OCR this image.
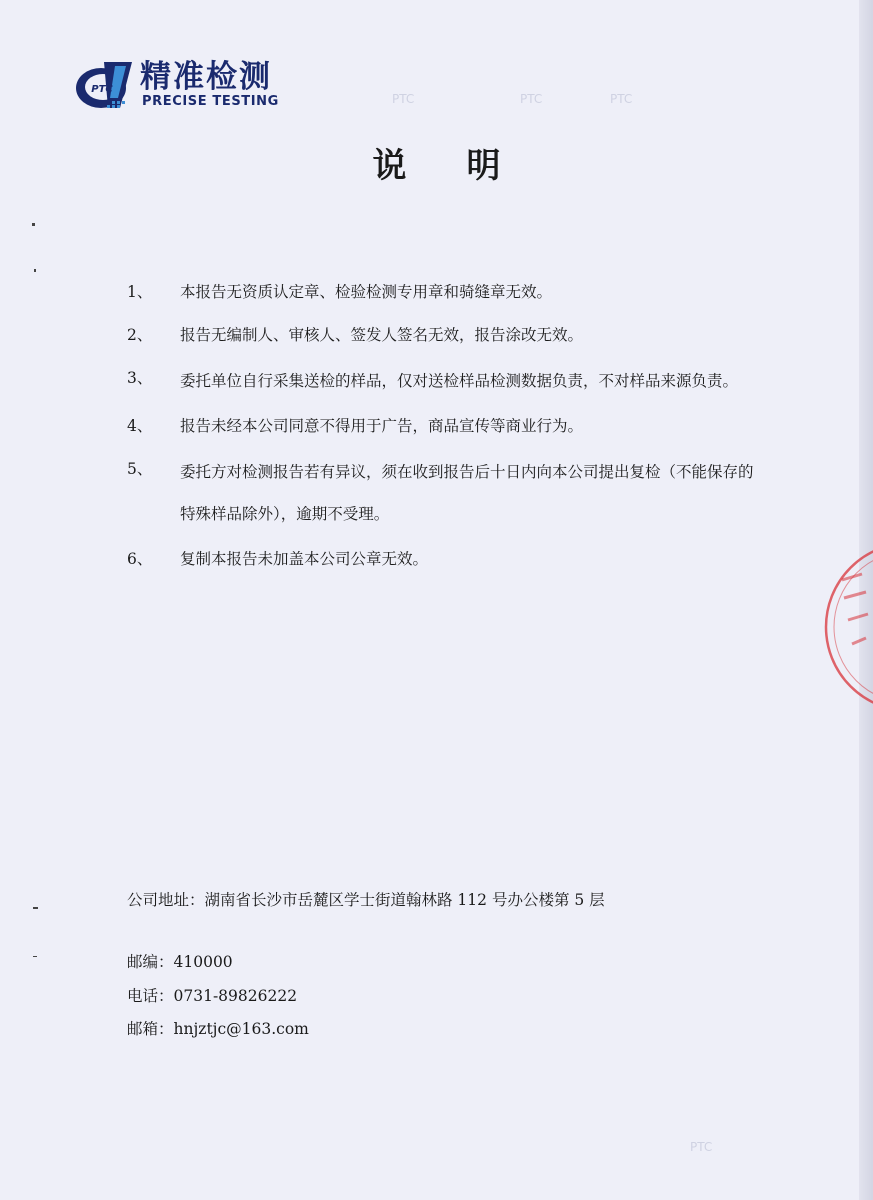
PTC 精准检测
PRECISE TESTING
说明
1、 本报告无资质认定章、检验检测专用章和骑缝章无效。
2、 报告无编制人、审核人、签发人签名无效，报告涂改无效。
3、 委托单位自行采集送检的样品，仅对送检样品检测数据负责，不对样品来源负责。
4、 报告未经本公司同意不得用于广告，商品宣传等商业行为。
5、 委托方对检测报告若有异议，须在收到报告后十日内向本公司提出复检（不能保存的特殊样品除外），逾期不受理。
6、 复制本报告未加盖本公司公章无效。
公司地址：湖南省长沙市岳麓区学士街道翰林路 112 号办公楼第 5 层
邮编：410000
电话：0731-89826222
邮箱：hnjztjc@163.com
PTC	PTC	PTC
PTC
